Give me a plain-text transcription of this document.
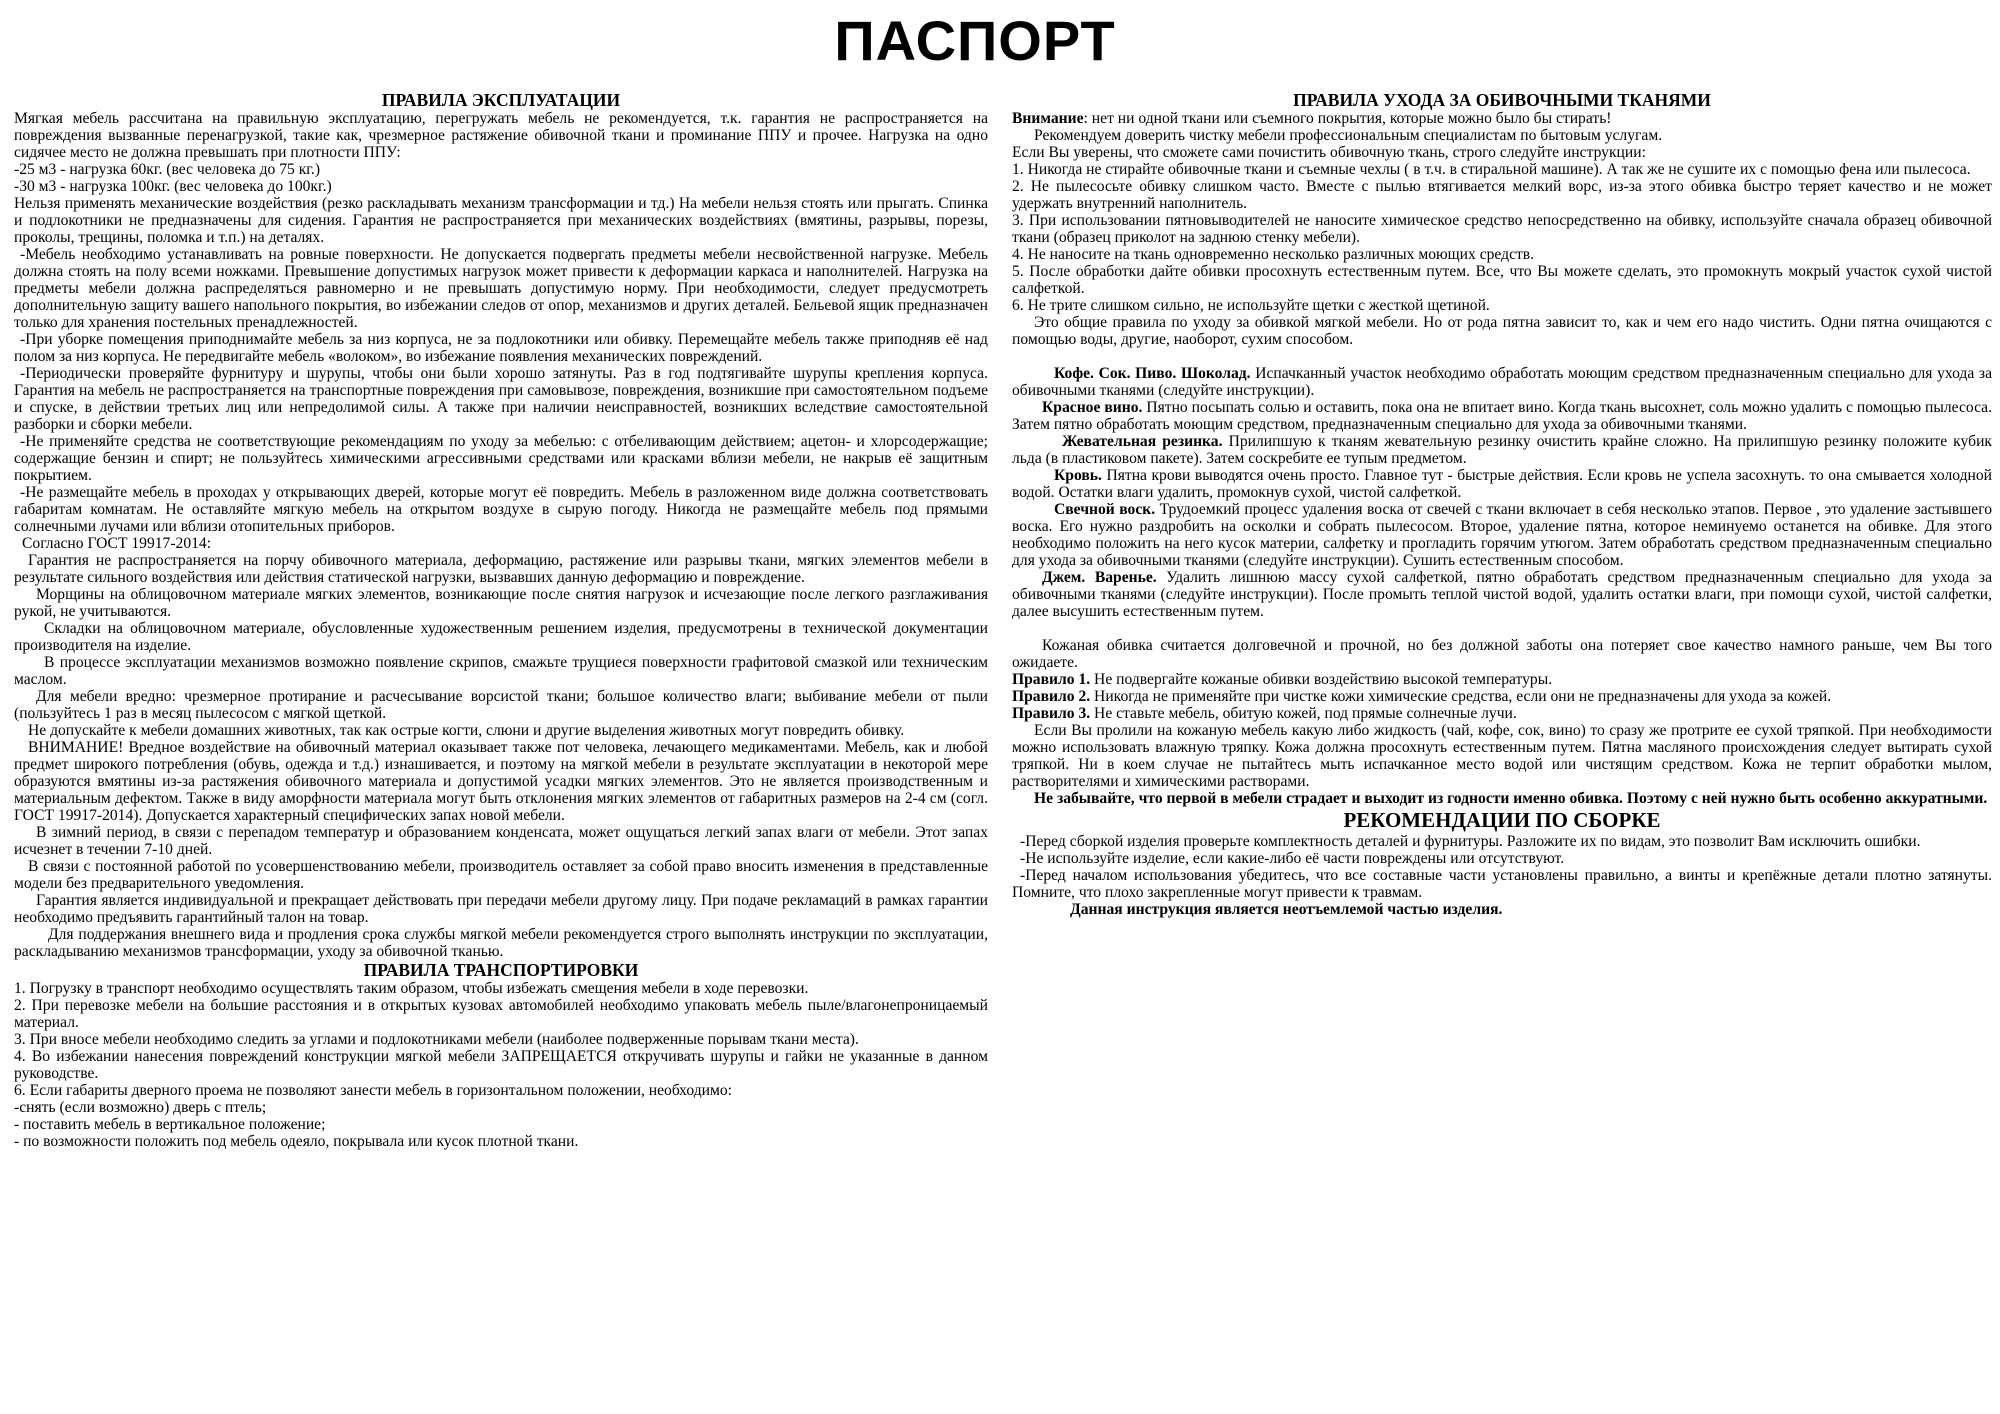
ПАСПОРТ
ПРАВИЛА ЭКСПЛУАТАЦИИ

Мягкая мебель рассчитана на правильную эксплуатацию, перегружать мебель не рекомендуется, т.к. гарантия не распространяется на повреждения вызванные перенагрузкой, такие как, чрезмерное растяжение обивочной ткани и проминание ППУ и прочее. Нагрузка на одно сидячее место не должна превышать при плотности ППУ:

-25 м3 - нагрузка 60кг. (вес человека до 75 кг.)

-30 м3 - нагрузка 100кг. (вес человека до 100кг.)

Нельзя применять механические воздействия (резко раскладывать механизм трансформации и тд.) На мебели нельзя стоять или прыгать. Спинка и подлокотники не предназначены для сидения. Гарантия не распространяется при механических воздействиях (вмятины, разрывы, порезы, проколы, трещины, поломка и т.п.) на деталях.

-Мебель необходимо устанавливать на ровные поверхности. Не допускается подвергать предметы мебели несвойственной нагрузке. Мебель должна стоять на полу всеми ножками. Превышение допустимых нагрузок может привести к деформации каркаса и наполнителей. Нагрузка на предметы мебели должна распределяться равномерно и не превышать допустимую норму. При необходимости, следует предусмотреть дополнительную защиту вашего напольного покрытия, во избежании следов от опор, механизмов и других деталей. Бельевой ящик предназначен только для хранения постельных пренадлежностей.

-При уборке помещения приподнимайте мебель за низ корпуса, не за подлокотники или обивку. Перемещайте мебель также приподняв её над полом за низ корпуса. Не передвигайте мебель «волоком», во избежание появления механических повреждений.

-Периодически проверяйте фурнитуру и шурупы, чтобы они были хорошо затянуты. Раз в год подтягивайте шурупы крепления корпуса. Гарантия на мебель не распространяется на транспортные повреждения при самовывозе, повреждения, возникшие при самостоятельном подъеме и спуске, в действии третьих лиц или непредолимой силы. А также при наличии неисправностей, возникших вследствие самостоятельной разборки и сборки мебели.

-Не применяйте средства не соответствующие рекомендациям по уходу за мебелью: с отбеливающим действием; ацетон- и хлорсодержащие; содержащие бензин и спирт; не пользуйтесь химическими агрессивными средствами или красками вблизи мебели, не накрыв её защитным покрытием.

-Не размещайте мебель в проходах у открывающих дверей, которые могут её повредить. Мебель в разложенном виде должна соответствовать габаритам комнатам. Не оставляйте мягкую мебель на открытом воздухе в сырую погоду. Никогда не размещайте мебель под прямыми солнечными лучами или вблизи отопительных приборов.

Согласно ГОСТ 19917-2014:

Гарантия не распространяется на порчу обивочного материала, деформацию, растяжение или разрывы ткани, мягких элементов мебели в результате сильного воздействия или действия статической нагрузки, вызвавших данную деформацию и повреждение.

Морщины на облицовочном материале мягких элементов, возникающие после снятия нагрузок и исчезающие после легкого разглаживания рукой, не учитываются.

Складки на облицовочном материале, обусловленные художественным решением изделия, предусмотрены в технической документации производителя на изделие.

В процессе эксплуатации механизмов возможно появление скрипов, смажьте трущиеся поверхности графитовой смазкой или техническим маслом.

Для мебели вредно: чрезмерное протирание и расчесывание ворсистой ткани; большое количество влаги; выбивание мебели от пыли (пользуйтесь 1 раз в месяц пылесосом с мягкой щеткой.

Не допускайте к мебели домашних животных, так как острые когти, слюни и другие выделения животных могут повредить обивку.

ВНИМАНИЕ! Вредное воздействие на обивочный материал оказывает также пот человека, лечающего медикаментами. Мебель, как и любой предмет широкого потребления (обувь, одежда и т.д.) изнашивается, и поэтому на мягкой мебели в результате эксплуатации в некоторой мере образуются вмятины из-за растяжения обивочного материала и допустимой усадки мягких элементов. Это не является производственным и материальным дефектом. Также в виду аморфности материала могут быть отклонения мягких элементов от габаритных размеров на 2-4 см (согл. ГОСТ 19917-2014). Допускается характерный специфических запах новой мебели.

В зимний период, в связи с перепадом температур и образованием конденсата, может ощущаться легкий запах влаги от мебели. Этот запах исчезнет в течении 7-10 дней.

В связи с постоянной работой по усовершенствованию мебели, производитель оставляет за собой право вносить изменения в представленные модели без предварительного уведомления.

Гарантия является индивидуальной и прекращает действовать при передачи мебели другому лицу. При подаче рекламаций в рамках гарантии необходимо предъявить гарантийный талон на товар.

Для поддержания внешнего вида и продления срока службы мягкой мебели рекомендуется строго выполнять инструкции по эксплуатации, раскладыванию механизмов трансформации, уходу за обивочной тканью.

ПРАВИЛА ТРАНСПОРТИРОВКИ

1. Погрузку в транспорт необходимо осуществлять таким образом, чтобы избежать смещения мебели в ходе перевозки.

2. При перевозке мебели на большие расстояния и в открытых кузовах автомобилей необходимо упаковать мебель пыле/влагонепроницаемый материал.

3. При вносе мебели необходимо следить за углами и подлокотниками мебели (наиболее подверженные порывам ткани места).

4. Во избежании нанесения повреждений конструкции мягкой мебели ЗАПРЕЩАЕТСЯ откручивать шурупы и гайки не указанные в данном руководстве.

6. Если габариты дверного проема не позволяют занести мебель в горизонтальном положении, необходимо:

-снять (если возможно) дверь с птель;

- поставить мебель в вертикальное положение;

- по возможности положить под мебель одеяло, покрывала или кусок плотной ткани.

ПРАВИЛА УХОДА ЗА ОБИВОЧНЫМИ ТКАНЯМИ

Внимание: нет ни одной ткани или съемного покрытия, которые можно было бы стирать!

Рекомендуем доверить чистку мебели профессиональным специалистам по бытовым услугам.

Если Вы уверены, что сможете сами почистить обивочную ткань, строго следуйте инструкции:

1. Никогда не стирайте обивочные ткани и съемные чехлы ( в т.ч. в стиральной машине). А так же не сушите их с помощью фена или пылесоса.

2. Не пылесосьте обивку слишком часто. Вместе с пылью втягивается мелкий ворс, из-за этого обивка быстро теряет качество и не может удержать внутренний наполнитель.

3. При использовании пятновыводителей не наносите химическое средство непосредственно на обивку, используйте сначала образец обивочной ткани (образец приколот на заднюю стенку мебели).

4. Не наносите на ткань одновременно несколько различных моющих средств.

5. После обработки дайте обивки просохнуть естественным путем. Все, что Вы можете сделать, это промокнуть мокрый участок сухой чистой салфеткой.

6. Не трите слишком сильно, не используйте щетки с жесткой щетиной.

Это общие правила по уходу за обивкой мягкой мебели. Но от рода пятна зависит то, как и чем его надо чистить. Одни пятна очищаются с помощью воды, другие, наоборот, сухим способом.

Кофе. Сок. Пиво. Шоколад. Испачканный участок необходимо обработать моющим средством предназначенным специально для ухода за обивочными тканями (следуйте инструкции).

Красное вино. Пятно посыпать солью и оставить, пока она не впитает вино. Когда ткань высохнет, соль можно удалить с помощью пылесоса. Затем пятно обработать моющим средством, предназначенным специально для ухода за обивочными тканями.

Жевательная резинка. Прилипшую к тканям жевательную резинку очистить крайне сложно. На прилипшую резинку положите кубик льда (в пластиковом пакете). Затем соскребите ее тупым предметом.

Кровь. Пятна крови выводятся очень просто. Главное тут - быстрые действия. Если кровь не успела засохнуть. то она смывается холодной водой. Остатки влаги удалить, промокнув сухой, чистой салфеткой.

Свечной воск. Трудоемкий процесс удаления воска от свечей с ткани включает в себя несколько этапов. Первое , это удаление застывшего воска. Его нужно раздробить на осколки и собрать пылесосом. Второе, удаление пятна, которое неминуемо останется на обивке. Для этого необходимо положить на него кусок материи, салфетку и прогладить горячим утюгом. Затем обработать средством предназначенным специально для ухода за обивочными тканями (следуйте инструкции). Сушить естественным способом.

Джем. Варенье. Удалить лишнюю массу сухой салфеткой, пятно обработать средством предназначенным специально для ухода за обивочными тканями (следуйте инструкции). После промыть теплой чистой водой, удалить остатки влаги, при помощи сухой, чистой салфетки, далее высушить естественным путем.

Кожаная обивка считается долговечной и прочной, но без должной заботы она потеряет свое качество намного раньше, чем Вы того ожидаете.

Правило 1. Не подвергайте кожаные обивки воздействию высокой температуры.

Правило 2. Никогда не применяйте при чистке кожи химические средства, если они не предназначены для ухода за кожей.

Правило 3. Не ставьте мебель, обитую кожей, под прямые солнечные лучи.

Если Вы пролили на кожаную мебель какую либо жидкость (чай, кофе, сок, вино) то сразу же протрите ее сухой тряпкой. При необходимости можно использовать влажную тряпку. Кожа должна просохнуть естественным путем. Пятна масляного происхождения следует вытирать сухой тряпкой. Ни в коем случае не пытайтесь мыть испачканное место водой или чистящим средством. Кожа не терпит обработки мылом, растворителями и химическими растворами.

Не забывайте, что первой в мебели страдает и выходит из годности именно обивка. Поэтому с ней нужно быть особенно аккуратными.

РЕКОМЕНДАЦИИ ПО СБОРКЕ

-Перед сборкой изделия проверьте комплектность деталей и фурнитуры. Разложите их по видам, это позволит Вам исключить ошибки.

-Не используйте изделие, если какие-либо её части повреждены или отсутствуют.

-Перед началом использования убедитесь, что все составные части установлены правильно, а винты и крепёжные детали плотно затянуты. Помните, что плохо закрепленные могут привести к травмам.

Данная инструкция является неотъемлемой частью изделия.
